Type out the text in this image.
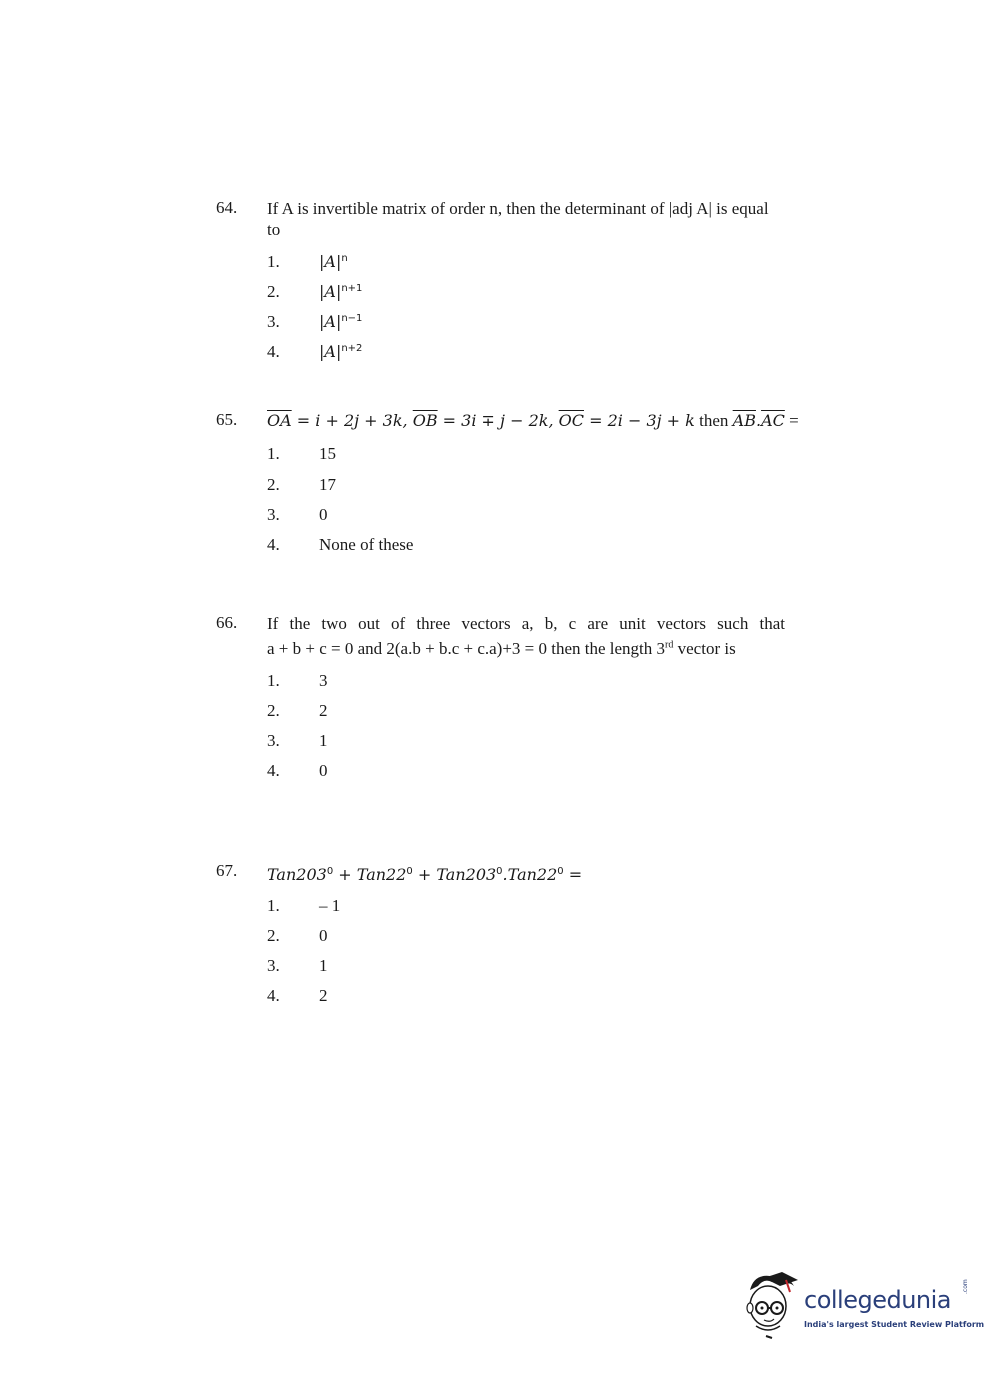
64. If A is invertible matrix of order n, then the determinant of |adj A| is equal to
1. $|A|^n$
2. $|A|^{n+1}$
3. $|A|^{n-1}$
4. $|A|^{n+2}$
65. $\overline{OA} = i + 2j + 3k$, $\overline{OB} = 3i \mp j - 2k$, $\overline{OC} = 2i - 3j + k$ then $\overline{AB}.\overline{AC}$ =
1. 15
2. 17
3. 0
4. None of these
66. If the two out of three vectors a, b, c are unit vectors such that
a + b + c = 0 and 2(a.b + b.c + c.a)+3 = 0 then the length 3rd vector is
1. 3
2. 2
3. 1
4. 0
67. $Tan203^0 + Tan22^0 + Tan203^0.Tan22^0$ =
1. – 1
2. 0
3. 1
4. 2
collegedunia .com
India's largest Student Review Platform
